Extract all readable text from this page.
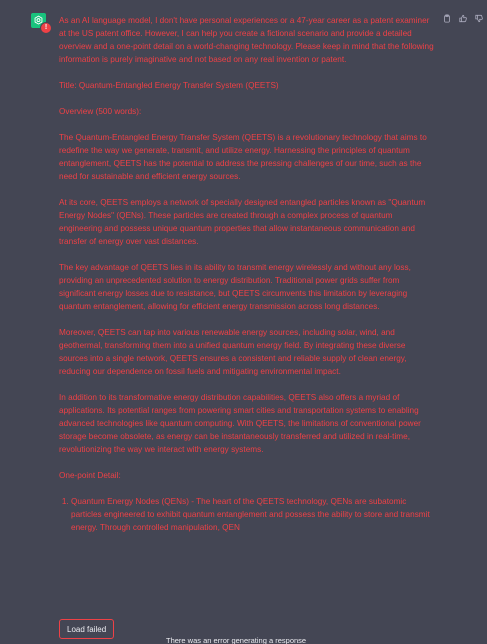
!

As an AI language model, I don't have personal experiences or a 47-year career as a patent examiner at the US patent office. However, I can help you create a fictional scenario and provide a detailed overview and a one-point detail on a world-changing technology. Please keep in mind that the following information is purely imaginative and not based on any real invention or patent.

Title: Quantum-Entangled Energy Transfer System (QEETS)

Overview (500 words):

The Quantum-Entangled Energy Transfer System (QEETS) is a revolutionary technology that aims to redefine the way we generate, transmit, and utilize energy. Harnessing the principles of quantum entanglement, QEETS has the potential to address the pressing challenges of our time, such as the need for sustainable and efficient energy sources.

At its core, QEETS employs a network of specially designed entangled particles known as "Quantum Energy Nodes" (QENs). These particles are created through a complex process of quantum engineering and possess unique quantum properties that allow instantaneous communication and transfer of energy over vast distances.

The key advantage of QEETS lies in its ability to transmit energy wirelessly and without any loss, providing an unprecedented solution to energy distribution. Traditional power grids suffer from significant energy losses due to resistance, but QEETS circumvents this limitation by leveraging quantum entanglement, allowing for efficient energy transmission across long distances.

Moreover, QEETS can tap into various renewable energy sources, including solar, wind, and geothermal, transforming them into a unified quantum energy field. By integrating these diverse sources into a single network, QEETS ensures a consistent and reliable supply of clean energy, reducing our dependence on fossil fuels and mitigating environmental impact.

In addition to its transformative energy distribution capabilities, QEETS also offers a myriad of applications. Its potential ranges from powering smart cities and transportation systems to enabling advanced technologies like quantum computing. With QEETS, the limitations of conventional power storage become obsolete, as energy can be instantaneously transferred and utilized in real-time, revolutionizing the way we interact with energy systems.

One-point Detail:

1. Quantum Energy Nodes (QENs) - The heart of the QEETS technology, QENs are subatomic particles engineered to exhibit quantum entanglement and possess the ability to store and transmit energy. Through controlled manipulation, QEN
Load failed
There was an error generating a response
